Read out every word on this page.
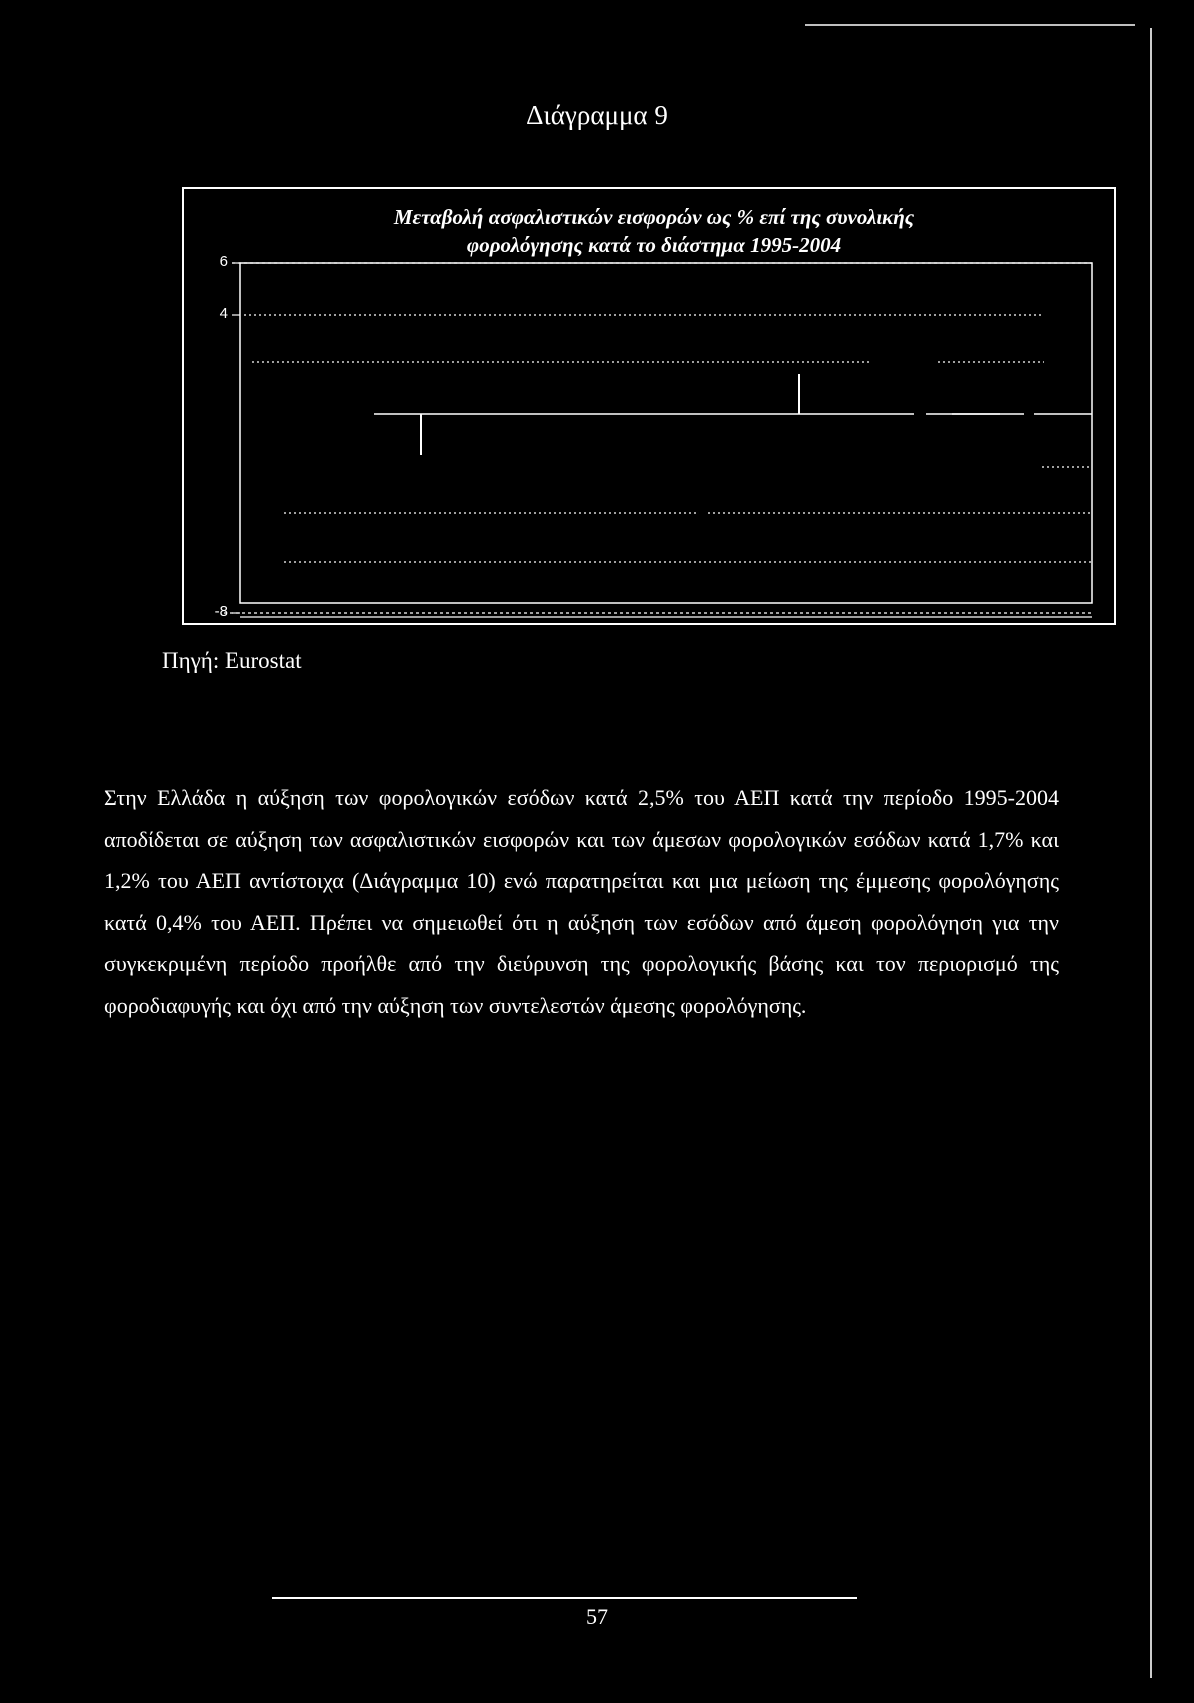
Διάγραμμα 9
Μεταβολή ασφαλιστικών εισφορών ως % επί της συνολικής
φορολόγησης κατά το διάστημα 1995-2004
6
4
-8
Πηγή: Eurostat
Στην Ελλάδα η αύξηση των φορολογικών εσόδων κατά 2,5% του ΑΕΠ κατά την περίοδο 1995-2004 αποδίδεται σε αύξηση των ασφαλιστικών εισφορών και των άμεσων φορολογικών εσόδων κατά 1,7% και 1,2% του ΑΕΠ αντίστοιχα (Διάγραμμα 10) ενώ παρατηρείται και μια μείωση της έμμεσης φορολόγησης κατά 0,4% του ΑΕΠ. Πρέπει να σημειωθεί ότι η αύξηση των εσόδων από άμεση φορολόγηση για την συγκεκριμένη περίοδο προήλθε από την διεύρυνση της φορολογικής βάσης και τον περιορισμό της φοροδιαφυγής και όχι από την αύξηση των συντελεστών άμεσης φορολόγησης.
57
